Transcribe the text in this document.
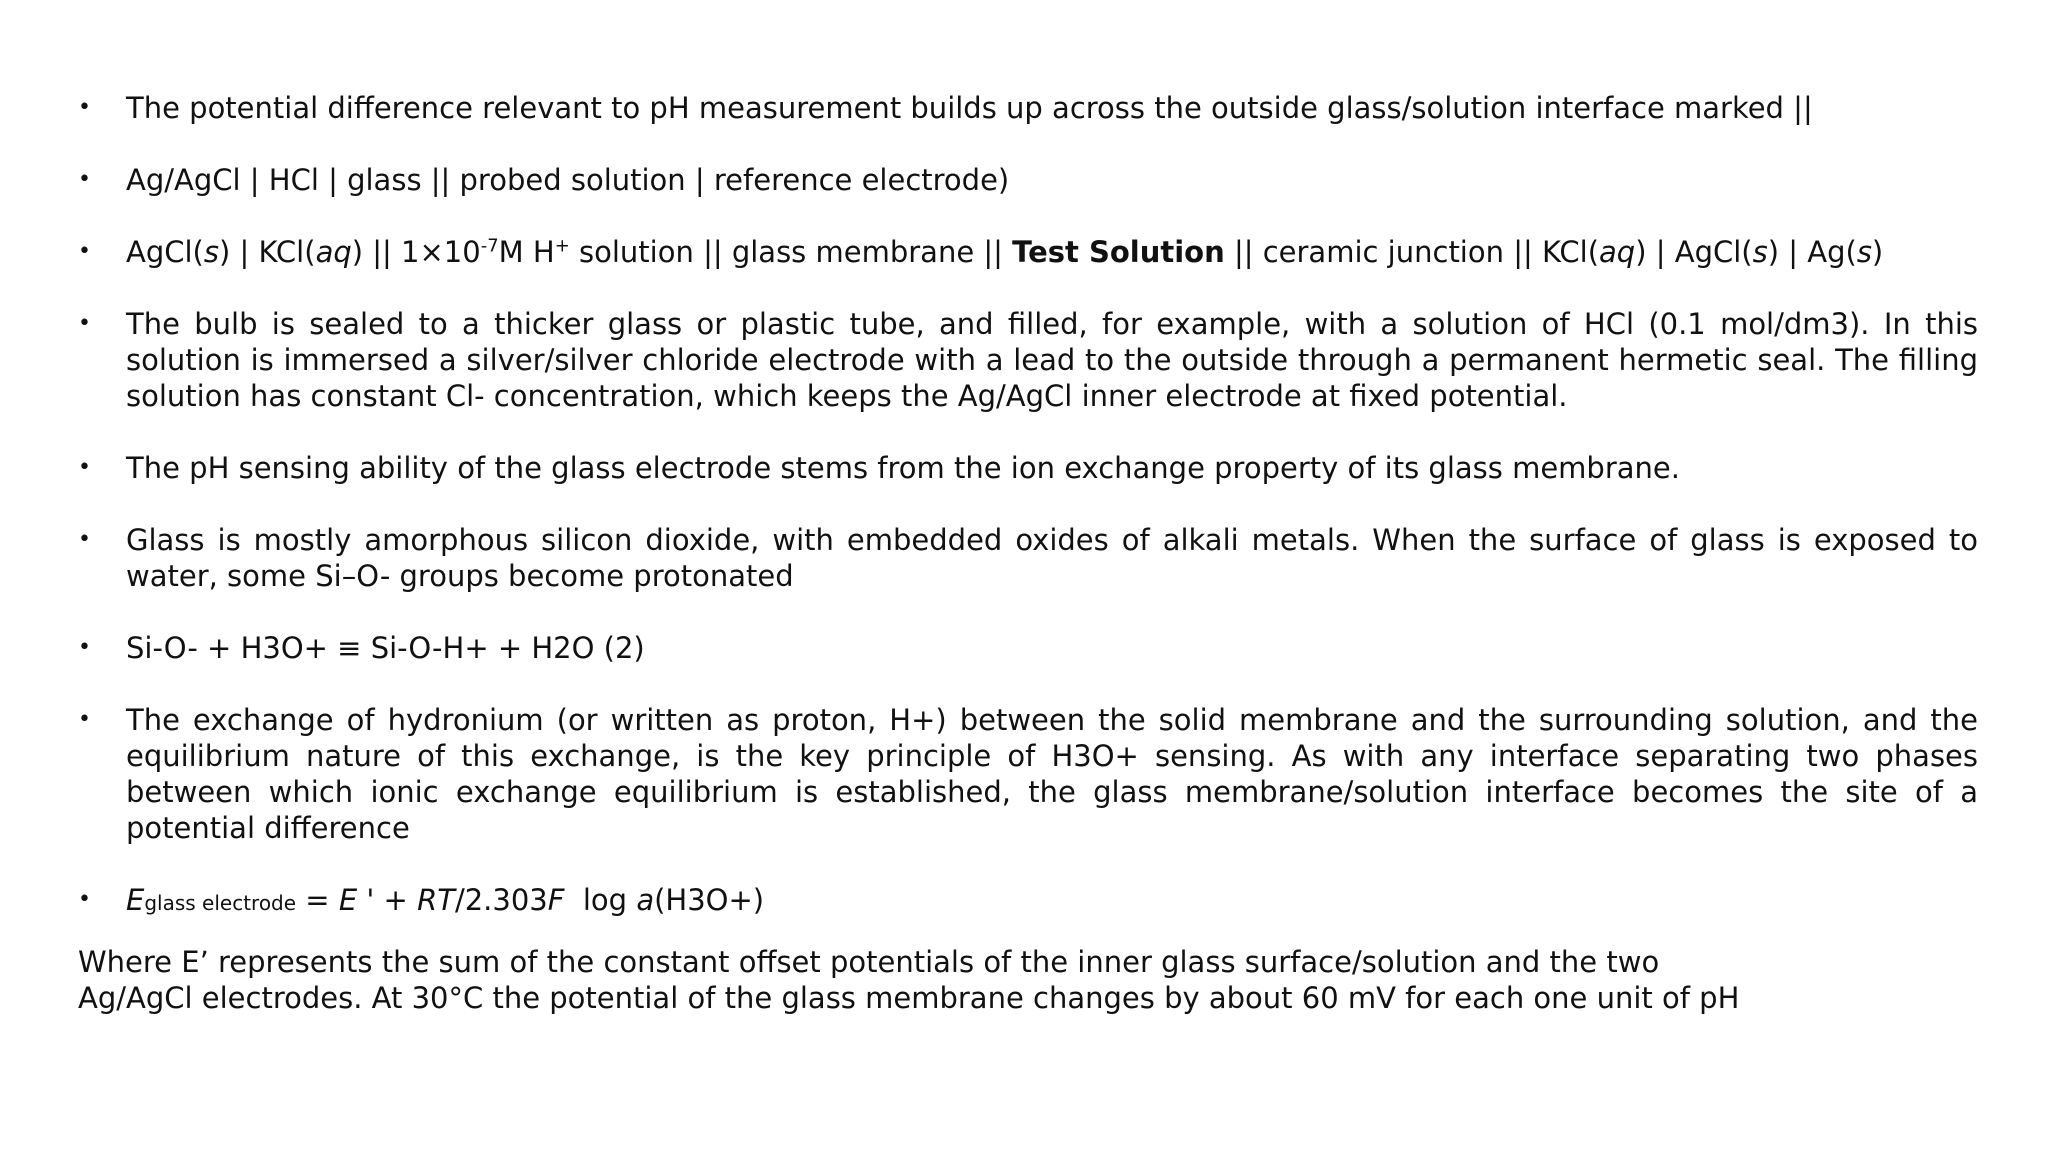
• The potential difference relevant to pH measurement builds up across the outside glass/solution interface marked ||
• Ag/AgCl | HCl | glass || probed solution | reference electrode)
• AgCl(s) | KCl(aq) || $1\times 10^{-7}M$ H+ solution || glass membrane || Test Solution || ceramic junction || KCl(aq) | AgCl(s) | Ag(s)
• The bulb is sealed to a thicker glass or plastic tube, and filled, for example, with a solution of HCl (0.1 mol/dm3). In this solution is immersed a silver/silver chloride electrode with a lead to the outside through a permanent hermetic seal. The filling solution has constant Cl- concentration, which keeps the Ag/AgCl inner electrode at fixed potential.
• The pH sensing ability of the glass electrode stems from the ion exchange property of its glass membrane.
• Glass is mostly amorphous silicon dioxide, with embedded oxides of alkali metals. When the surface of glass is exposed to water, some Si–O- groups become protonated
• Si-O- + H3O+ ≡ Si-O-H+ + H2O (2)
• The exchange of hydronium (or written as proton, H+) between the solid membrane and the surrounding solution, and the equilibrium nature of this exchange, is the key principle of H3O+ sensing. As with any interface separating two phases between which ionic exchange equilibrium is established, the glass membrane/solution interface becomes the site of a potential difference
• Eglass electrode = E ' + RT/2.303F  log a(H3O+)
Where E’ represents the sum of the constant offset potentials of the inner glass surface/solution and the two
Ag/AgCl electrodes. At 30°C the potential of the glass membrane changes by about 60 mV for each one unit of pH
